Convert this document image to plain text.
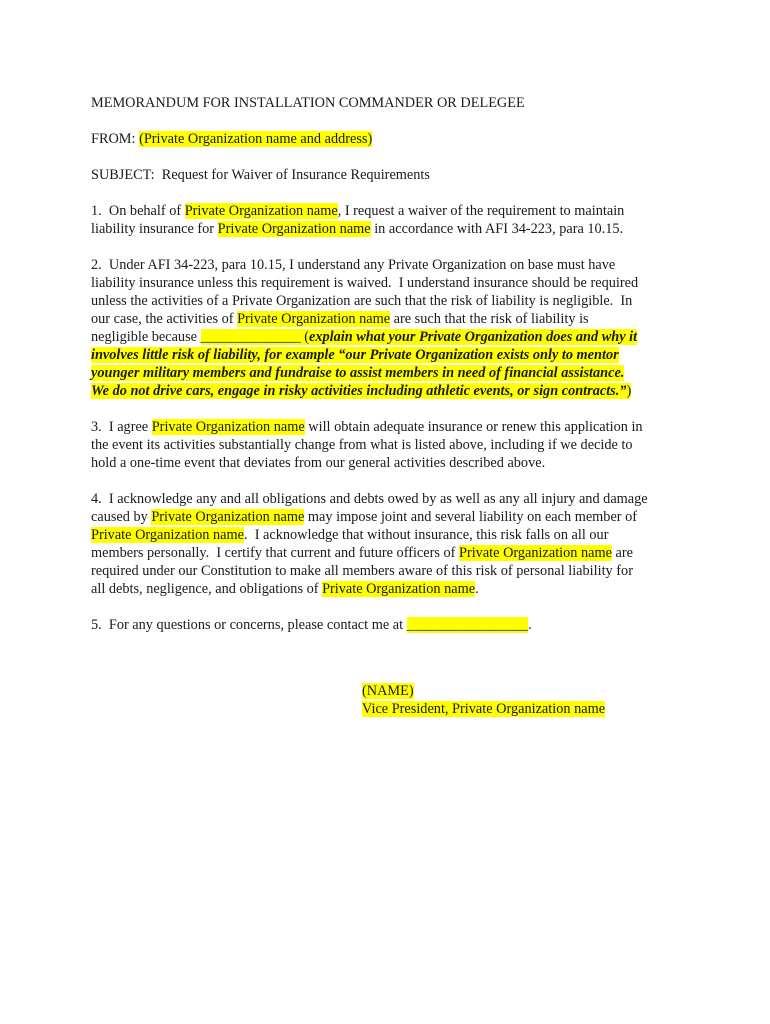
MEMORANDUM FOR INSTALLATION COMMANDER OR DELEGEE
FROM: (Private Organization name and address)
SUBJECT:  Request for Waiver of Insurance Requirements
1.  On behalf of Private Organization name, I request a waiver of the requirement to maintain
liability insurance for Private Organization name in accordance with AFI 34-223, para 10.15.
2.  Under AFI 34-223, para 10.15, I understand any Private Organization on base must have
liability insurance unless this requirement is waived.  I understand insurance should be required
unless the activities of a Private Organization are such that the risk of liability is negligible.  In
our case, the activities of Private Organization name are such that the risk of liability is
negligible because ______________ (explain what your Private Organization does and why it
involves little risk of liability, for example “our Private Organization exists only to mentor
younger military members and fundraise to assist members in need of financial assistance.
We do not drive cars, engage in risky activities including athletic events, or sign contracts.”)
3.  I agree Private Organization name will obtain adequate insurance or renew this application in
the event its activities substantially change from what is listed above, including if we decide to
hold a one-time event that deviates from our general activities described above.
4.  I acknowledge any and all obligations and debts owed by as well as any all injury and damage
caused by Private Organization name may impose joint and several liability on each member of
Private Organization name.  I acknowledge that without insurance, this risk falls on all our
members personally.  I certify that current and future officers of Private Organization name are
required under our Constitution to make all members aware of this risk of personal liability for
all debts, negligence, and obligations of Private Organization name.
5.  For any questions or concerns, please contact me at _________________.
(NAME)
Vice President, Private Organization name
